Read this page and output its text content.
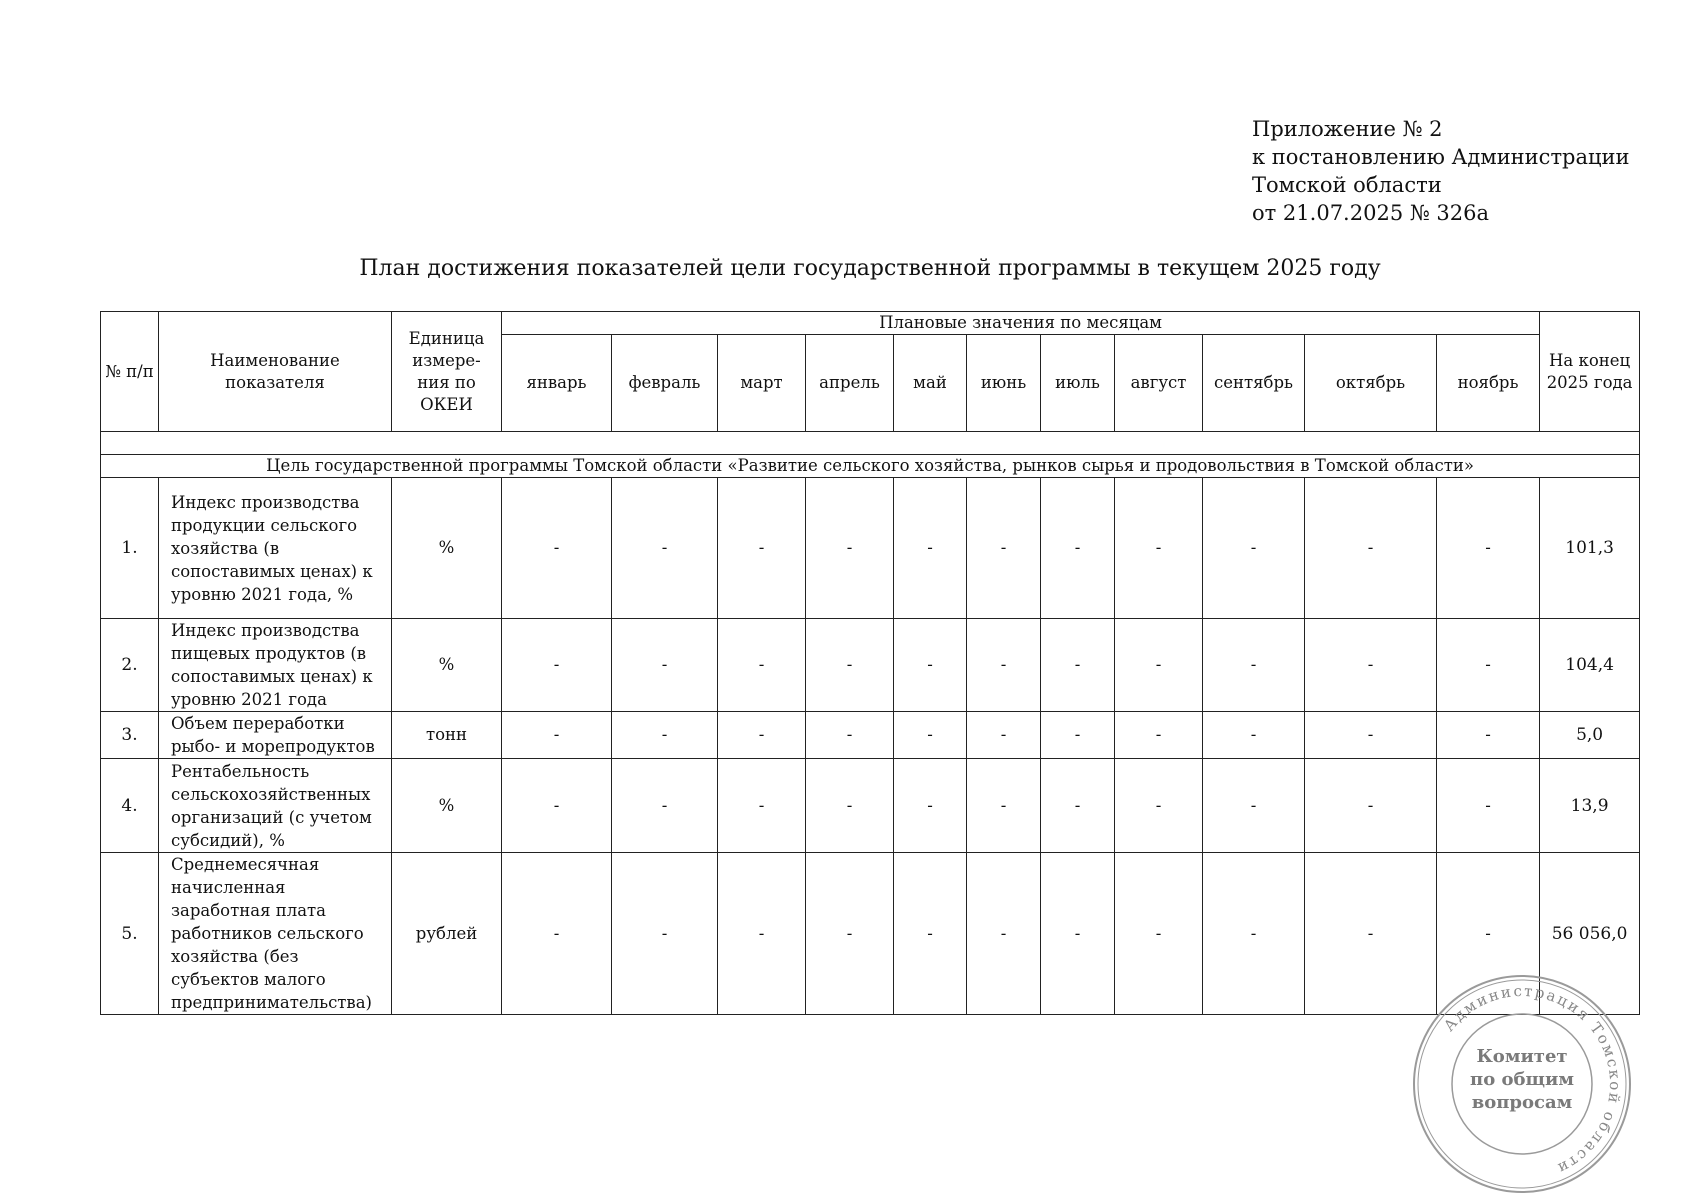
Приложение № 2
к постановлению Администрации
Томской области
от 21.07.2025 № 326а
План достижения показателей цели государственной программы в текущем 2025 году
№ п/п	Наименование показателя	Единица измере- ния по ОКЕИ	Плановые значения по месяцам											На конец 2025 года
			январь	февраль	март	апрель	май	июнь	июль	август	сентябрь	октябрь	ноябрь	

Цель государственной программы Томской области «Развитие сельского хозяйства, рынков сырья и продовольствия в Томской области»														
1.	Индекс производства продукции сельского хозяйства (в сопоставимых ценах) к уровню 2021 года, %	%	-	-	-	-	-	-	-	-	-	-	-	101,3
2.	Индекс производства пищевых продуктов (в сопоставимых ценах) к уровню 2021 года	%	-	-	-	-	-	-	-	-	-	-	-	104,4
3.	Объем переработки рыбо- и морепродуктов	тонн	-	-	-	-	-	-	-	-	-	-	-	5,0
4.	Рентабельность сельскохозяйственных организаций (с учетом субсидий), %	%	-	-	-	-	-	-	-	-	-	-	-	13,9
5.	Среднемесячная начисленная заработная плата работников сельского хозяйства (без субъектов малого предпринимательства)	рублей	-	-	-	-	-	-	-	-	-	-	-	56 056,0
Администрация Томской области
Комитет
по общим
вопросам
